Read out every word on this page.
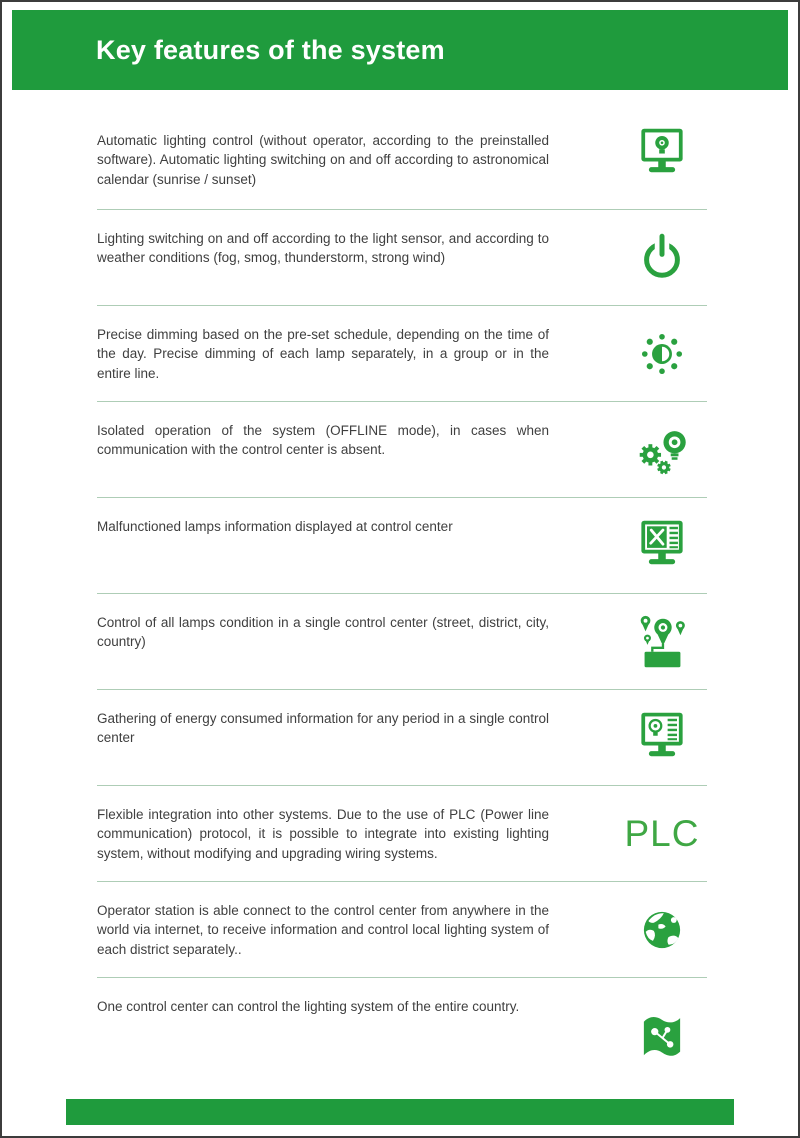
Key features of the system

Automatic lighting control (without operator, according to the preinstalled software). Automatic lighting switching on and off according to astronomical calendar (sunrise / sunset)

Lighting switching on and off according to the light sensor, and according to weather conditions (fog, smog, thunderstorm, strong wind)

Precise dimming based on the pre-set schedule, depending on the time of the day. Precise dimming of each lamp separately, in a group or in the entire line.

Isolated operation of the system (OFFLINE mode), in cases when communication with the control center is absent.

Malfunctioned lamps information displayed at control center

Control of all lamps condition in a single control center (street, district, city, country)

Gathering of energy consumed information for any period in a single control center

Flexible integration into other systems. Due to the use of PLC (Power line communication) protocol, it is possible to integrate into existing lighting system, without modifying and upgrading wiring systems.	PLC

Operator station is able connect to the control center from anywhere in the world via internet, to receive information and control local lighting system of each district separately..

One control center can control the lighting system of the entire country.
